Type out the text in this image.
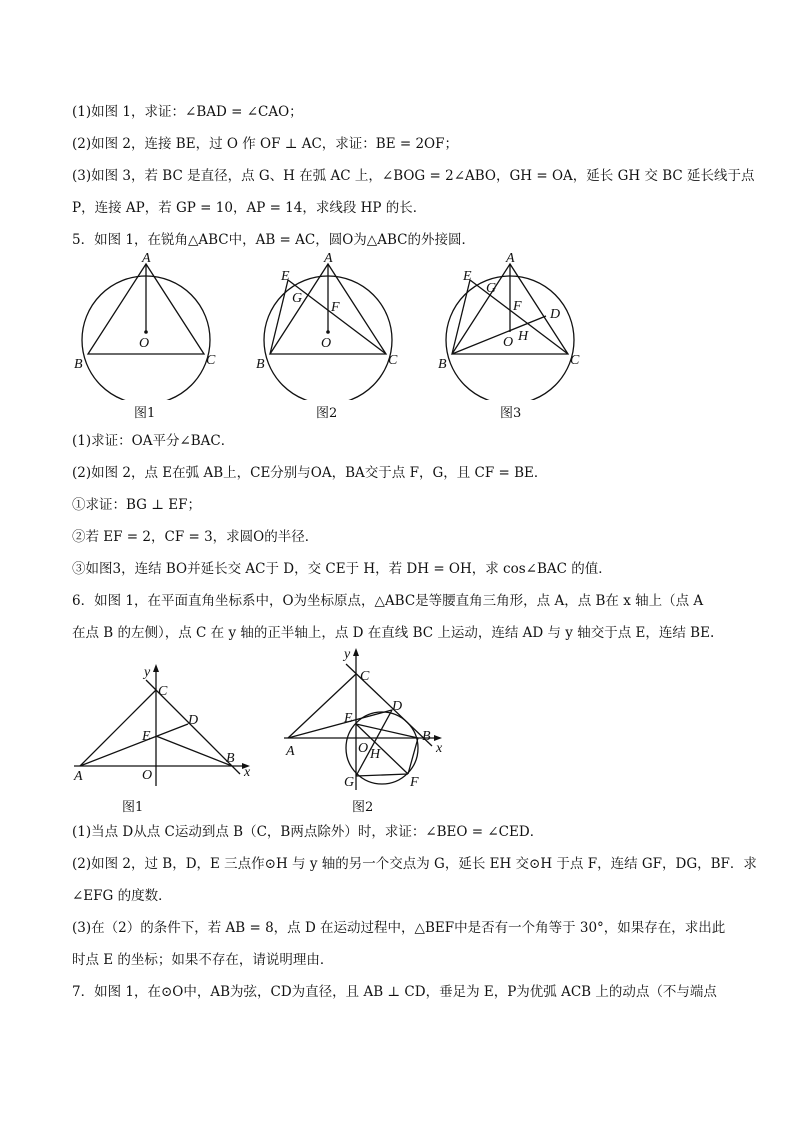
(1)如图 1，求证：∠BAD = ∠CAO；
(2)如图 2，连接 BE，过 O 作 OF ⊥ AC，求证：BE = 2OF；
(3)如图 3，若 BC 是直径，点 G、H 在弧 AC 上，∠BOG = 2∠ABO，GH = OA，延长 GH 交 BC 延长线于点
P，连接 AP，若 GP = 10，AP = 14，求线段 HP 的长．
5．如图 1，在锐角△ABC中，AB = AC，圆O为△ABC的外接圆．
A
B	C
O
图1
A
B	C
O
E
G
F
图2
A
B	C
O
E
G
F
D
H
图3
(1)求证：OA平分∠BAC．
(2)如图 2，点 E在弧 AB上，CE分别与OA，BA交于点 F，G，且 CF = BE．
①求证：BG ⊥ EF；
②若 EF = 2，CF = 3，求圆O的半径．
③如图3，连结 BO并延长交 AC于 D，交 CE于 H，若 DH = OH，求 cos∠BAC 的值．
6．如图 1，在平面直角坐标系中，O为坐标原点，△ABC是等腰直角三角形，点 A，点 B在 x 轴上（点 A
在点 B 的左侧），点 C 在 y 轴的正半轴上，点 D 在直线 BC 上运动，连结 AD 与 y 轴交于点 E，连结 BE.
y
x
C
D
E
O
A
B
图1
y
x
C
D
E
O H
A
B
G	F
图2
(1)当点 D从点 C运动到点 B（C，B两点除外）时，求证：∠BEO = ∠CED．
(2)如图 2，过 B，D，E 三点作⊙H 与 y 轴的另一个交点为 G，延长 EH 交⊙H 于点 F，连结 GF，DG，BF．求
∠EFG 的度数．
(3)在（2）的条件下，若 AB = 8，点 D 在运动过程中，△BEF中是否有一个角等于 30°，如果存在，求出此
时点 E 的坐标；如果不存在，请说明理由．
7．如图 1，在⊙O中，AB为弦，CD为直径，且 AB ⊥ CD，垂足为 E，P为优弧 ACB 上的动点（不与端点
